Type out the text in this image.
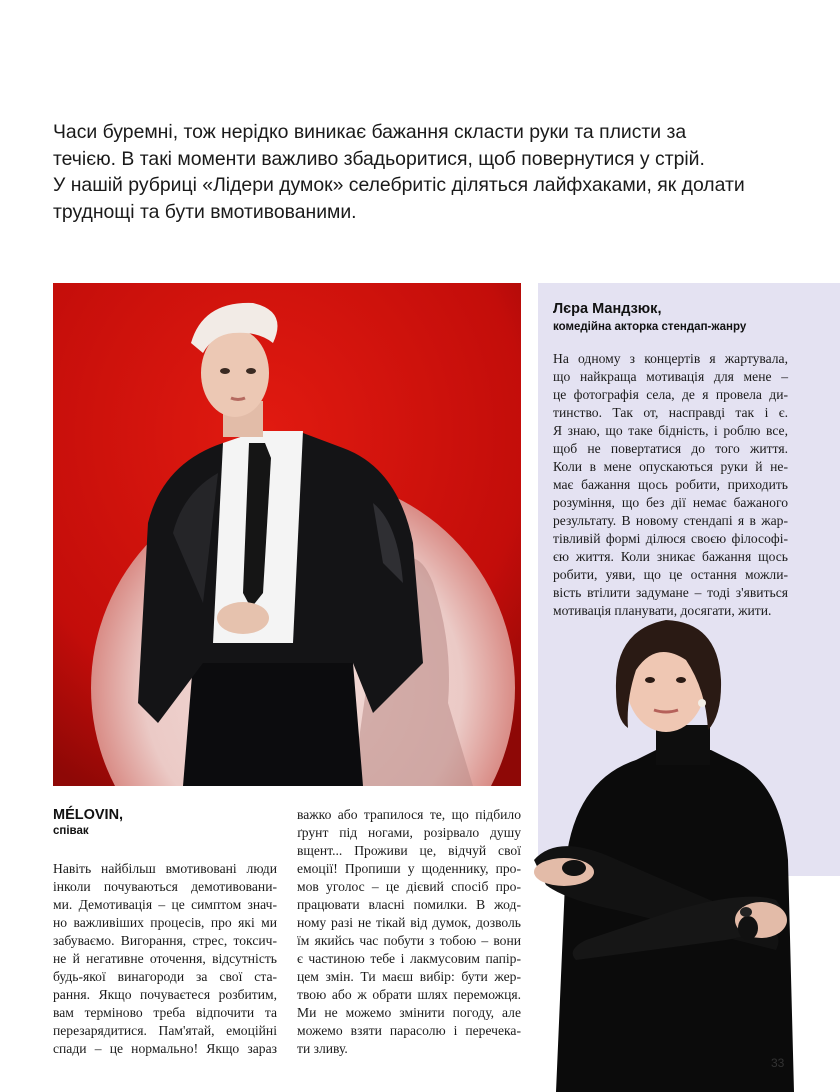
Часи буремні, тож нерідко виникає бажання скласти руки та плисти за
течією. В такі моменти важливо збадьоритися, щоб повернутися у стрій.
У нашій рубриці «Лідери думок» селебритіс діляться лайфхаками, як долати
труднощі та бути вмотивованими.

Лєра Мандзюк,

комедійна акторка стендап-жанру

На одному з концертів я жартувала,
що найкраща мотивація для мене –
це фотографія села, де я провела ди-
тинство. Так от, насправді так і є.
Я знаю, що таке бідність, і роблю все,
щоб не повертатися до того життя.
Коли в мене опускаються руки й не-
має бажання щось робити, приходить
розуміння, що без дії немає бажаного
результату. В новому стендапі я в жар-
тівливій формі ділюся своєю філософі-
єю життя. Коли зникає бажання щось
робити, уяви, що це остання можли-
вість втілити задумане – тоді з'явиться
мотивація планувати, досягати, жити.

MÉLOVIN,

співак

Навіть найбільш вмотивовані люди
інколи почуваються демотивовани-
ми. Демотивація – це симптом знач-
но важливіших процесів, про які ми
забуваємо. Вигорання, стрес, токсич-
не й негативне оточення, відсутність
будь-якої винагороди за свої ста-
рання. Якщо почуваєтеся розбитим,
вам терміново треба відпочити та
перезарядитися. Пам'ятай, емоційні
спади – це нормально! Якщо зараз

важко або трапилося те, що підбило
ґрунт під ногами, розірвало душу
вщент... Проживи це, відчуй свої
емоції! Пропиши у щоденнику, про-
мов уголос – це дієвий спосіб про-
працювати власні помилки. В жод-
ному разі не тікай від думок, дозволь
їм якийсь час побути з тобою – вони
є частиною тебе і лакмусовим папір-
цем змін. Ти маєш вибір: бути жер-
твою або ж обрати шлях переможця.
Ми не можемо змінити погоду, але
можемо взяти парасолю і перечека-
ти зливу.

33
